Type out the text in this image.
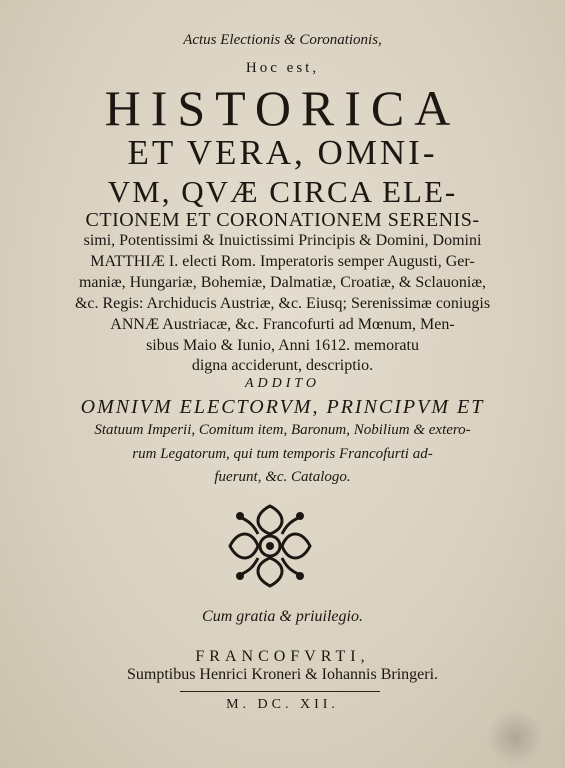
Actus Electionis & Coronationis,
Hoc est,
HISTORICA
ET VERA, OMNI-
VM, QVÆ CIRCA ELE-
CTIONEM ET CORONATIONEM SERENIS-
simi, Potentissimi & Inuictissimi Principis & Domini, Domini
MATTHIÆ I. electi Rom. Imperatoris semper Augusti, Ger-
maniæ, Hungariæ, Bohemiæ, Dalmatiæ, Croatiæ, & Sclauoniæ,
&c. Regis: Archiducis Austriæ, &c. Eiusq; Serenissimæ coniugis
ANNÆ Austriacæ, &c. Francofurti ad Mœnum, Men-
sibus Maio & Iunio, Anni 1612. memoratu
digna acciderunt, descriptio.
ADDITO
OMNIVM ELECTORVM, PRINCIPVM ET
Statuum Imperii, Comitum item, Baronum, Nobilium & extero-
rum Legatorum, qui tum temporis Francofurti ad-
fuerunt, &c. Catalogo.
Cum gratia & priuilegio.
FRANCOFVRTI,
Sumptibus Henrici Kroneri & Iohannis Bringeri.
M. DC. XII.
